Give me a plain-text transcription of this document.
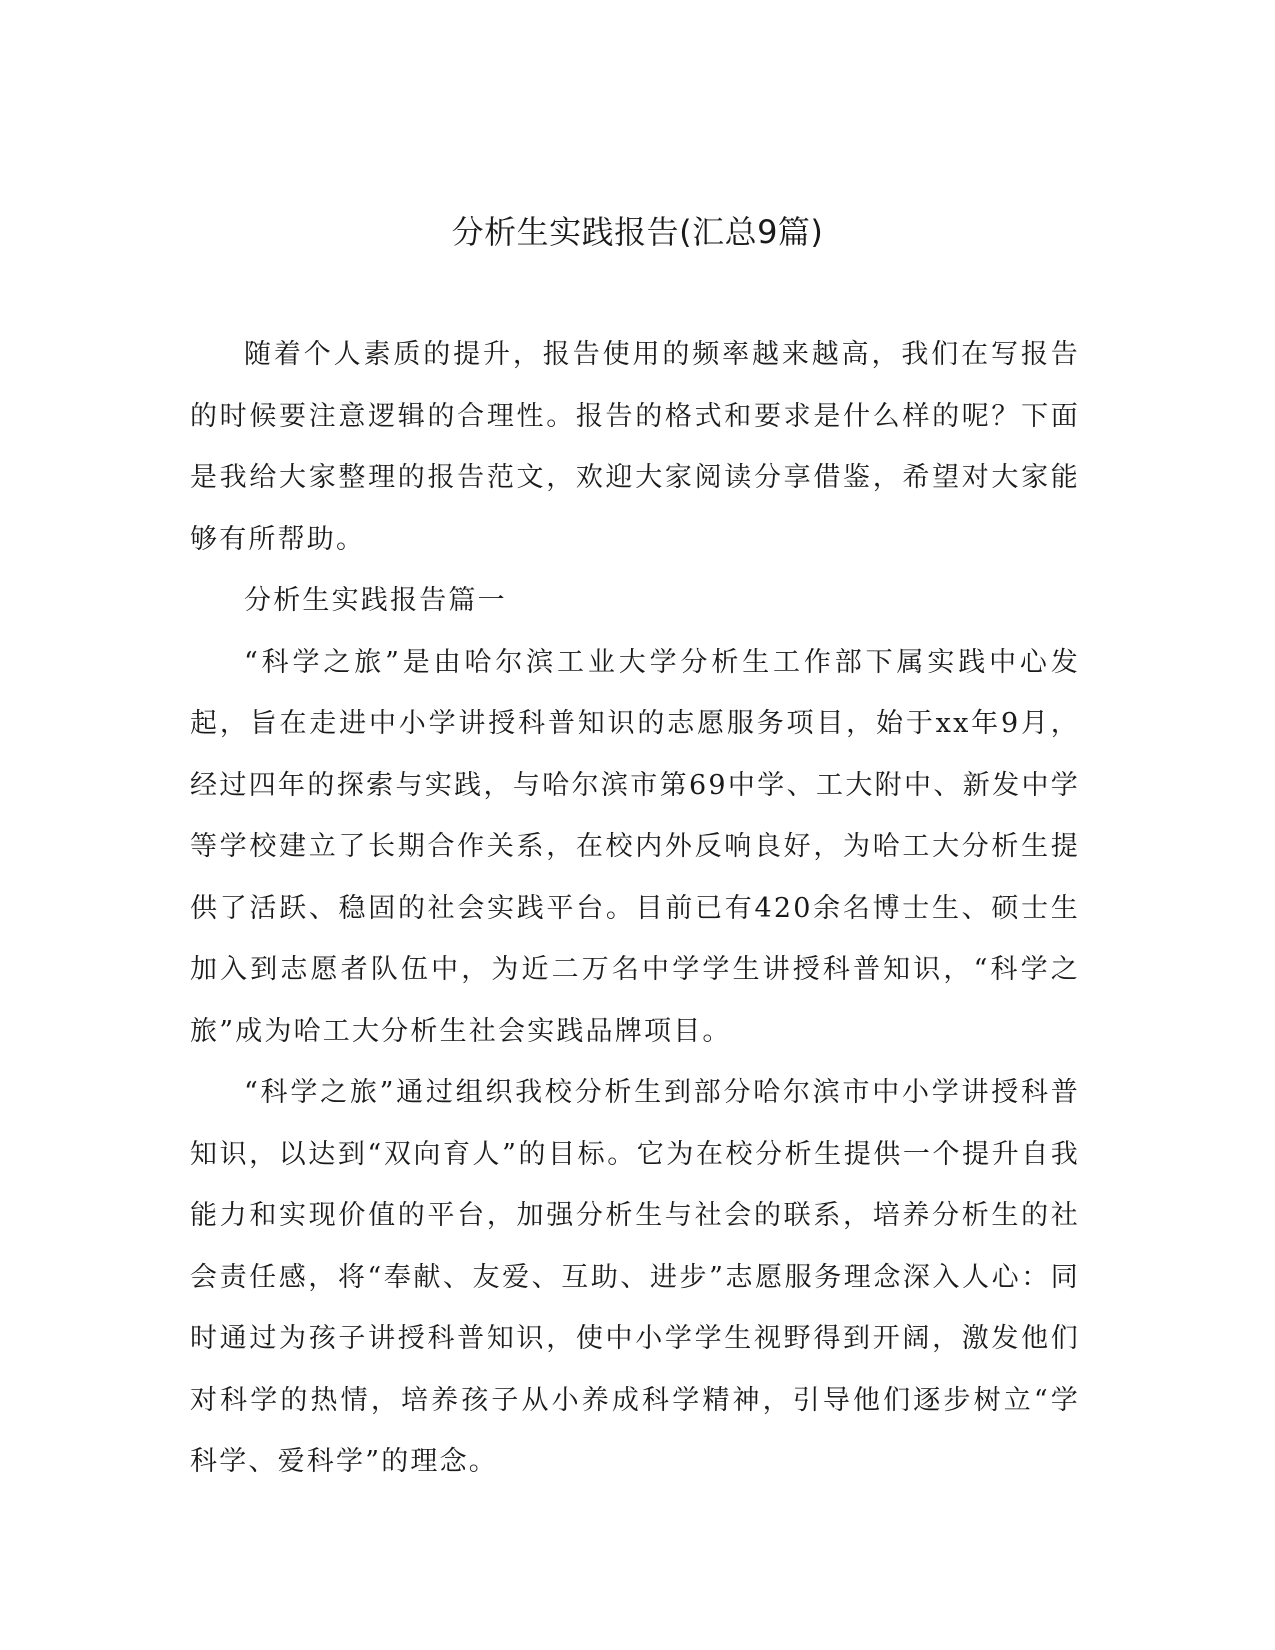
分析生实践报告(汇总9篇)

随着个人素质的提升，报告使用的频率越来越高，我们在写报告的时候要注意逻辑的合理性。报告的格式和要求是什么样的呢？下面是我给大家整理的报告范文，欢迎大家阅读分享借鉴，希望对大家能够有所帮助。

分析生实践报告篇一

“科学之旅”是由哈尔滨工业大学分析生工作部下属实践中心发起，旨在走进中小学讲授科普知识的志愿服务项目，始于xx年9月，经过四年的探索与实践，与哈尔滨市第69中学、工大附中、新发中学等学校建立了长期合作关系，在校内外反响良好，为哈工大分析生提供了活跃、稳固的社会实践平台。目前已有420余名博士生、硕士生加入到志愿者队伍中，为近二万名中学学生讲授科普知识，“科学之旅”成为哈工大分析生社会实践品牌项目。

“科学之旅”通过组织我校分析生到部分哈尔滨市中小学讲授科普知识，以达到“双向育人”的目标。它为在校分析生提供一个提升自我能力和实现价值的平台，加强分析生与社会的联系，培养分析生的社会责任感，将“奉献、友爱、互助、进步”志愿服务理念深入人心：同时通过为孩子讲授科普知识，使中小学学生视野得到开阔，激发他们对科学的热情，培养孩子从小养成科学精神，引导他们逐步树立“学科学、爱科学”的理念。
